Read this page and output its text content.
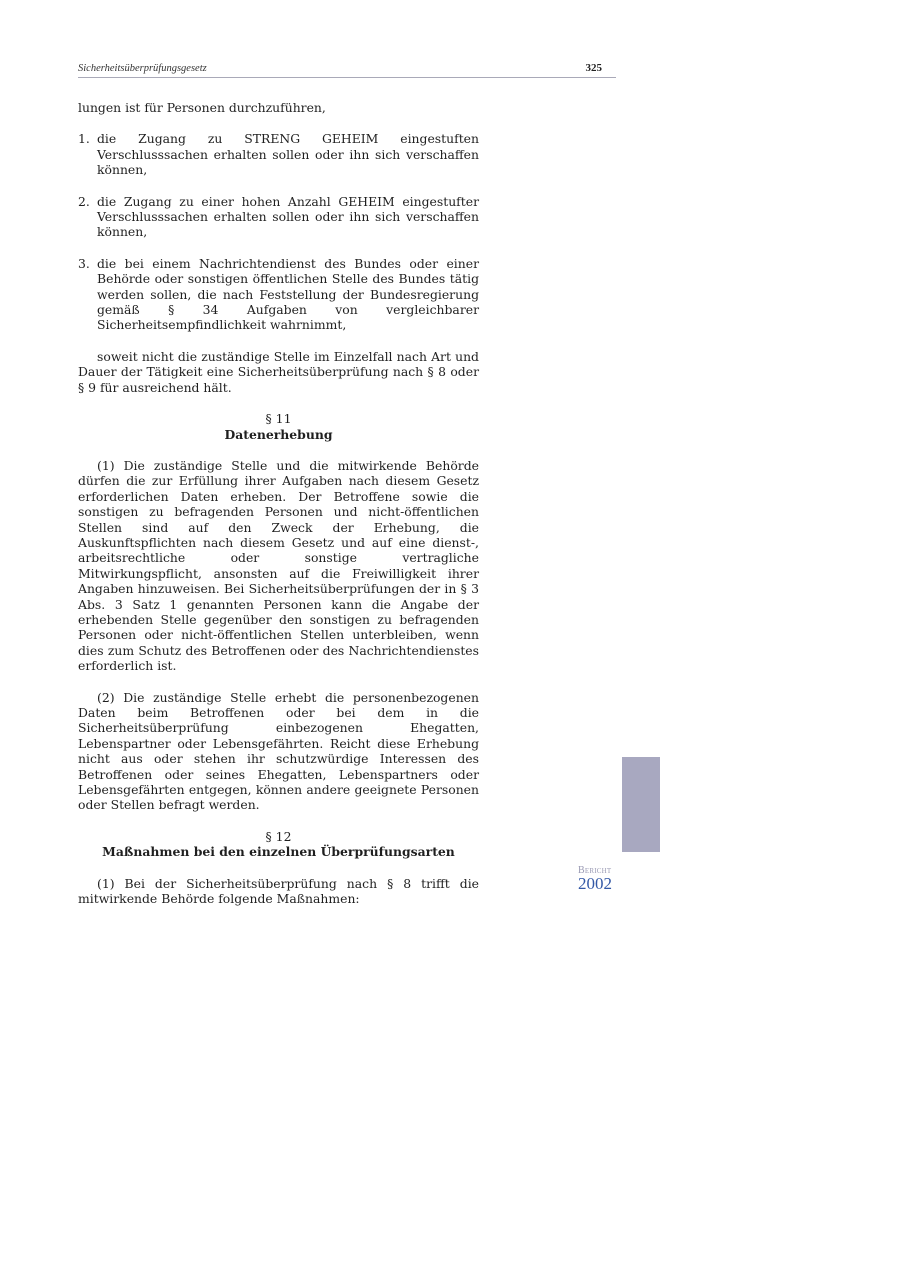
Sicherheitsüberprüfungsgesetz	325

lungen ist für Personen durchzuführen,

1. die Zugang zu STRENG GEHEIM eingestuften Verschlusssachen erhalten sollen oder ihn sich verschaffen können,
2. die Zugang zu einer hohen Anzahl GEHEIM eingestufter Verschlusssachen erhalten sollen oder ihn sich verschaffen können,
3. die bei einem Nachrichtendienst des Bundes oder einer Behörde oder sonstigen öffentlichen Stelle des Bundes tätig werden sollen, die nach Feststellung der Bundesregierung gemäß § 34 Aufgaben von vergleichbarer Sicherheitsempfindlichkeit wahrnimmt,

soweit nicht die zuständige Stelle im Einzelfall nach Art und Dauer der Tätigkeit eine Sicherheitsüberprüfung nach § 8 oder § 9 für ausreichend hält.

§ 11
Datenerhebung

(1) Die zuständige Stelle und die mitwirkende Behörde dürfen die zur Erfüllung ihrer Aufgaben nach diesem Gesetz erforderlichen Daten erheben. Der Betroffene sowie die sonstigen zu befragenden Personen und nicht-öffentlichen Stellen sind auf den Zweck der Erhebung, die Auskunftspflichten nach diesem Gesetz und auf eine dienst-, arbeitsrechtliche oder sonstige vertragliche Mitwirkungspflicht, ansonsten auf die Freiwilligkeit ihrer Angaben hinzuweisen. Bei Sicherheitsüberprüfungen der in § 3 Abs. 3 Satz 1 genannten Personen kann die Angabe der erhebenden Stelle gegenüber den sonstigen zu befragenden Personen oder nicht-öffentlichen Stellen unterbleiben, wenn dies zum Schutz des Betroffenen oder des Nachrichtendienstes erforderlich ist.

(2) Die zuständige Stelle erhebt die personenbezogenen Daten beim Betroffenen oder bei dem in die Sicherheitsüberprüfung einbezogenen Ehegatten, Lebenspartner oder Lebensgefährten. Reicht diese Erhebung nicht aus oder stehen ihr schutzwürdige Interessen des Betroffenen oder seines Ehegatten, Lebenspartners oder Lebensgefährten entgegen, können andere geeignete Personen oder Stellen befragt werden.

§ 12
Maßnahmen bei den einzelnen Überprüfungsarten

(1) Bei der Sicherheitsüberprüfung nach § 8 trifft die mitwirkende Behörde folgende Maßnahmen:

Bericht
2002
